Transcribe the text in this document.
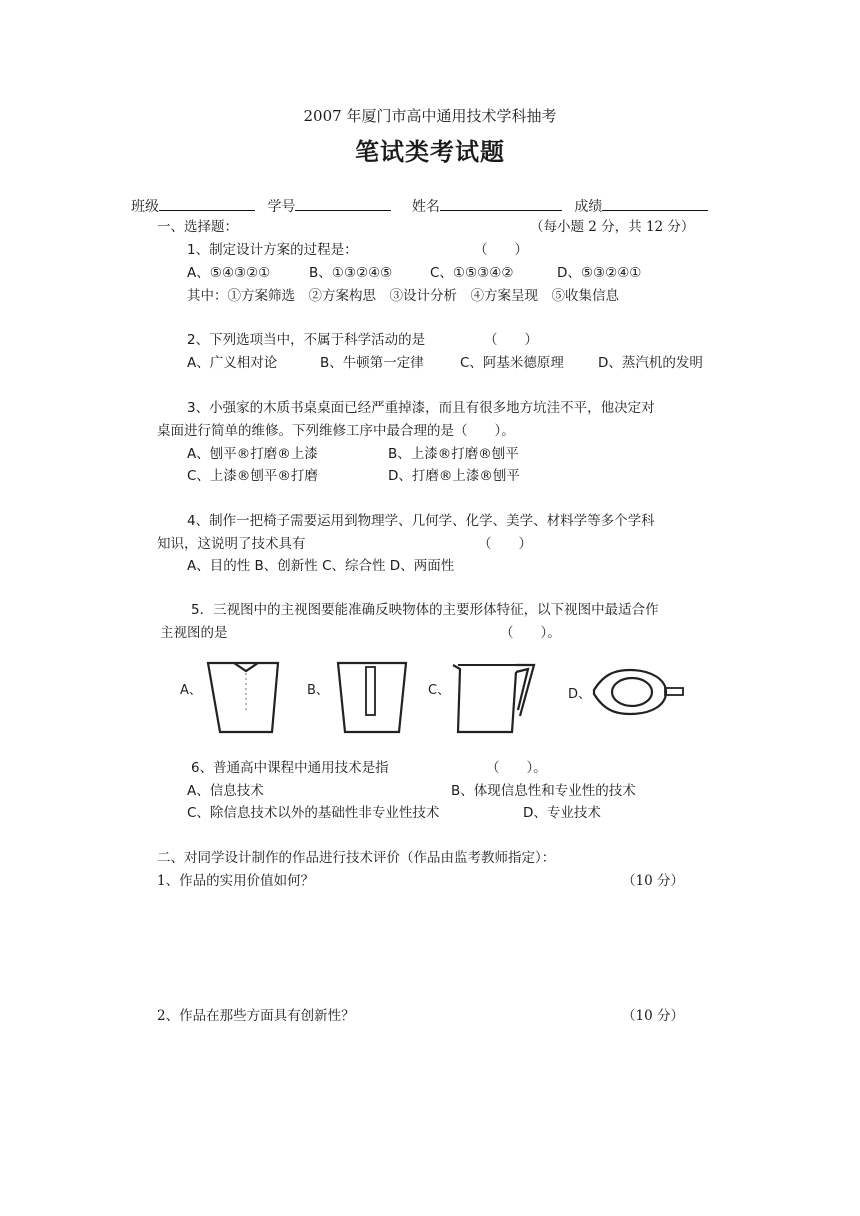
2007 年厦门市高中通用技术学科抽考
笔试类考试题
班级	学号	姓名	成绩
一、选择题：	（每小题 2 分，共 12 分）
1、制定设计方案的过程是：	（　　）
A、⑤④③②①	B、①③②④⑤	C、①⑤③④②	D、⑤③②④①
其中：①方案筛选　②方案构思　③设计分析　④方案呈现　⑤收集信息
2、下列选项当中，不属于科学活动的是	（　　）
A、广义相对论	B、牛顿第一定律	C、阿基米德原理	D、蒸汽机的发明
3、小强家的木质书桌桌面已经严重掉漆，而且有很多地方坑洼不平，他决定对
桌面进行简单的维修。下列维修工序中最合理的是（　　）。
A、刨平®打磨®上漆	B、上漆®打磨®刨平
C、上漆®刨平®打磨	D、打磨®上漆®刨平
4、制作一把椅子需要运用到物理学、几何学、化学、美学、材料学等多个学科
知识，这说明了技术具有	（　　）
A、目的性 B、创新性 C、综合性 D、两面性
5．三视图中的主视图要能准确反映物体的主要形体特征，以下视图中最适合作
主视图的是	（　　）。
A、	B、	C、	D、
6、普通高中课程中通用技术是指	（　　）。
A、信息技术	B、体现信息性和专业性的技术
C、除信息技术以外的基础性非专业性技术	D、专业技术
二、对同学设计制作的作品进行技术评价（作品由监考教师指定）：
1、作品的实用价值如何？	（10 分）
2、作品在那些方面具有创新性？	（10 分）
